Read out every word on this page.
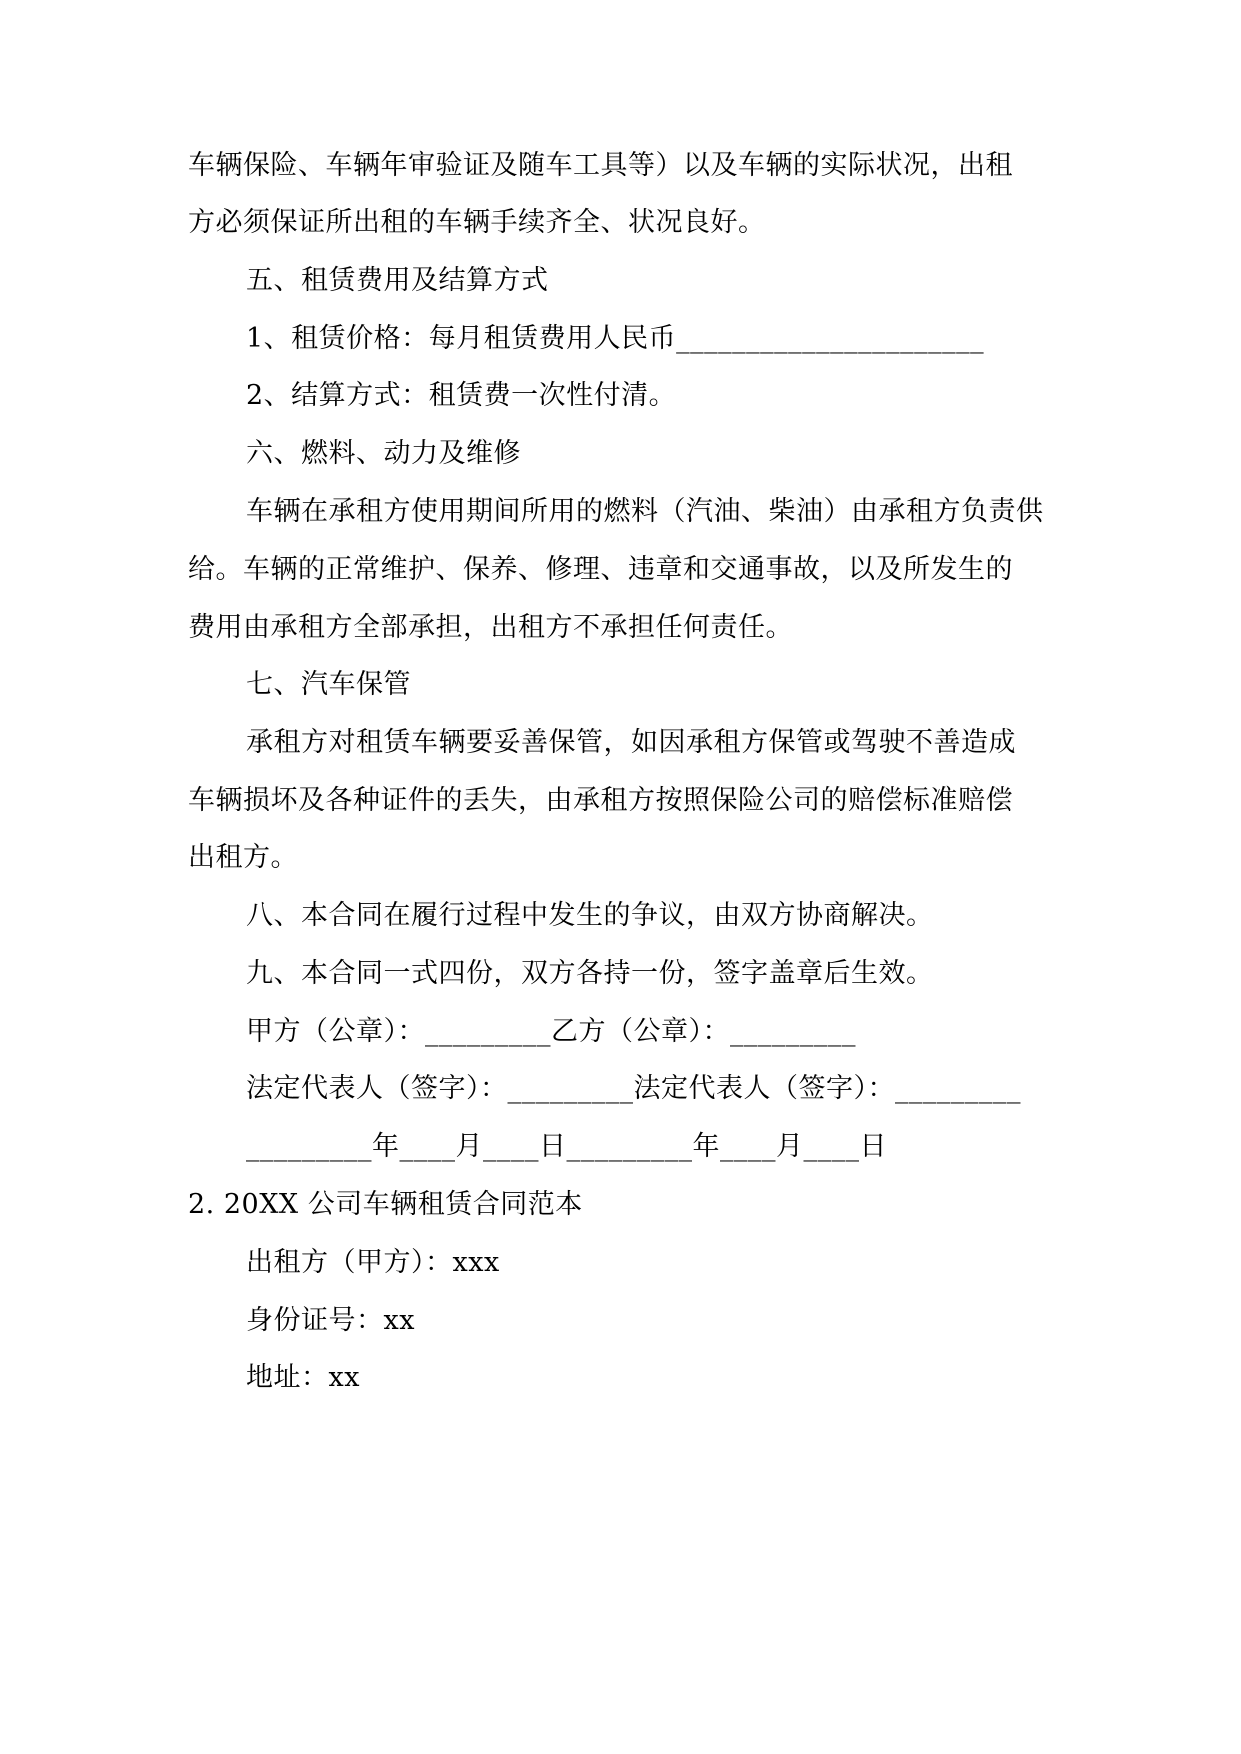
车辆保险、车辆年审验证及随车工具等）以及车辆的实际状况，出租
方必须保证所出租的车辆手续齐全、状况良好。
五、租赁费用及结算方式
1、租赁价格：每月租赁费用人民币______________________
2、结算方式：租赁费一次性付清。
六、燃料、动力及维修
车辆在承租方使用期间所用的燃料（汽油、柴油）由承租方负责供
给。车辆的正常维护、保养、修理、违章和交通事故，以及所发生的
费用由承租方全部承担，出租方不承担任何责任。
七、汽车保管
承租方对租赁车辆要妥善保管，如因承租方保管或驾驶不善造成
车辆损坏及各种证件的丢失，由承租方按照保险公司的赔偿标准赔偿
出租方。
八、本合同在履行过程中发生的争议，由双方协商解决。
九、本合同一式四份，双方各持一份，签字盖章后生效。
甲方（公章）：_________乙方（公章）：_________
法定代表人（签字）：_________法定代表人（签字）：_________
_________年____月____日_________年____月____日
2. 20XX 公司车辆租赁合同范本
出租方（甲方）：xxx
身份证号：xx
地址：xx
